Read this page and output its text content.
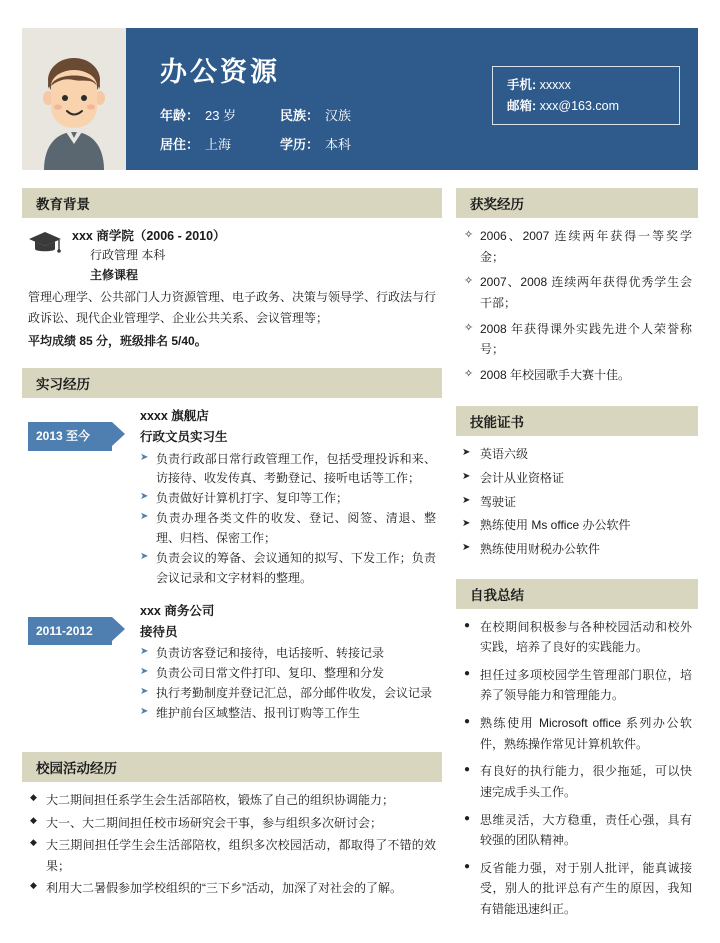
办公资源
年龄： 23 岁	民族： 汉族
居住： 上海	学历： 本科
手机: xxxxx
邮箱: xxx@163.com
教育背景
xxx 商学院（2006 - 2010）
行政管理 本科
主修课程

管理心理学、公共部门人力资源管理、电子政务、决策与领导学、行政法与行政诉讼、现代企业管理学、企业公共关系、会议管理等；

平均成绩 85 分，班级排名 5/40。
实习经历
2013 至今
xxxx 旗舰店
行政文员实习生
➤ 负责行政部日常行政管理工作，包括受理投诉和来、访接待、收发传真、考勤登记、接听电话等工作；
➤ 负责做好计算机打字、复印等工作；
➤ 负责办理各类文件的收发、登记、阅签、清退、整理、归档、保密工作；
➤ 负责会议的筹备、会议通知的拟写、下发工作；负责会议记录和文字材料的整理。
2011-2012
xxx 商务公司
接待员
➤ 负责访客登记和接待，电话接听、转接记录
➤ 负责公司日常文件打印、复印、整理和分发
➤ 执行考勤制度并登记汇总，部分邮件收发，会议记录
➤ 维护前台区域整洁、报刊订购等工作生
校园活动经历
◆ 大二期间担任系学生会生活部陪枚，锻炼了自己的组织协调能力；
◆ 大一、大二期间担任校市场研究会干事，参与组织多次研讨会；
◆ 大三期间担任学生会生活部陪枚，组织多次校园活动，都取得了不错的效果；
◆ 利用大二暑假参加学校组织的“三下乡”活动，加深了对社会的了解。
获奖经历
✧ 2006、2007 连续两年获得一等奖学金；
✧ 2007、2008 连续两年获得优秀学生会干部；
✧ 2008 年获得课外实践先进个人荣誉称号；
✧ 2008 年校园歌手大赛十佳。
技能证书
➤ 英语六级
➤ 会计从业资格证
➤ 驾驶证
➤ 熟练使用 Ms office 办公软件
➤ 熟练使用财税办公软件
自我总结
● 在校期间积极参与各种校园活动和校外实践，培养了良好的实践能力。
● 担任过多项校园学生管理部门职位，培养了领导能力和管理能力。
● 熟练使用 Microsoft office 系列办公软件，熟练操作常见计算机软件。
● 有良好的执行能力，很少拖延，可以快速完成手头工作。
● 思维灵活，大方稳重，责任心强，具有较强的团队精神。
● 反省能力强，对于别人批评，能真诚接受，别人的批评总有产生的原因，我知有错能迅速纠正。
